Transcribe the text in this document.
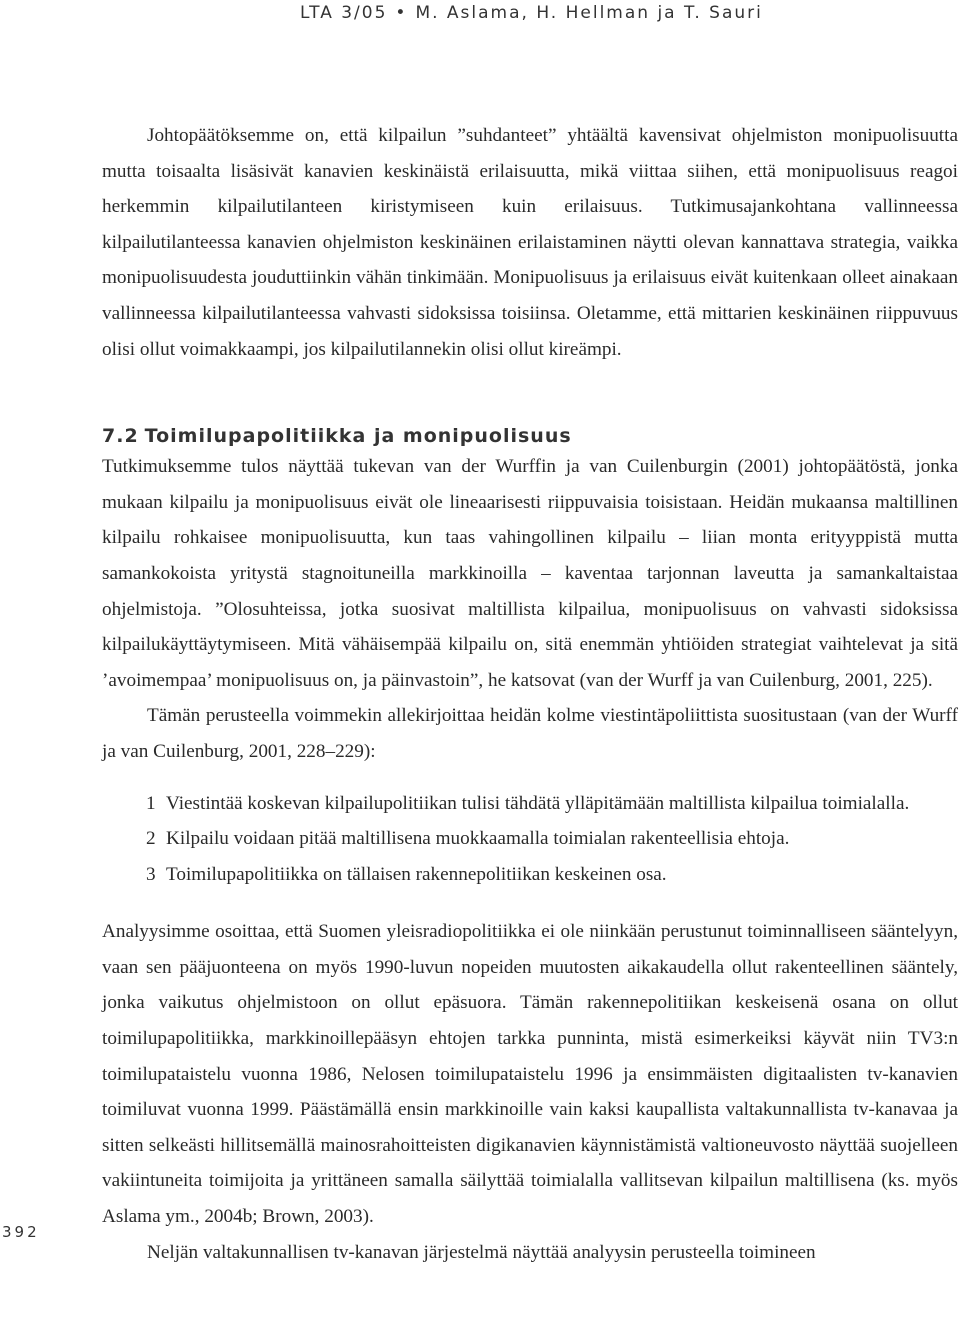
LTA 3/05 • M. Aslama, H. Hellman ja T. Sauri

Johtopäätöksemme on, että kilpailun ”suhdanteet” yhtäältä kavensivat ohjelmiston monipuolisuutta mutta toisaalta lisäsivät kanavien keskinäistä erilaisuutta, mikä viittaa siihen, että monipuolisuus reagoi herkemmin kilpailutilanteen kiristymiseen kuin erilaisuus. Tutkimusajankohtana vallinneessa kilpailutilanteessa kanavien ohjelmiston keskinäinen erilaistaminen näytti olevan kannattava strategia, vaikka monipuolisuudesta jouduttiinkin vähän tinkimään. Monipuolisuus ja erilaisuus eivät kuitenkaan olleet ainakaan vallinneessa kilpailutilanteessa vahvasti sidoksissa toisiinsa. Oletamme, että mittarien keskinäinen riippuvuus olisi ollut voimakkaampi, jos kilpailutilannekin olisi ollut kireämpi.

7.2 Toimilupapolitiikka ja monipuolisuus

Tutkimuksemme tulos näyttää tukevan van der Wurffin ja van Cuilenburgin (2001) johtopäätöstä, jonka mukaan kilpailu ja monipuolisuus eivät ole lineaarisesti riippuvaisia toisistaan. Heidän mukaansa maltillinen kilpailu rohkaisee monipuolisuutta, kun taas vahingollinen kilpailu – liian monta erityyppistä mutta samankokoista yritystä stagnoituneilla markkinoilla – kaventaa tarjonnan laveutta ja samankaltaistaa ohjelmistoja. ”Olosuhteissa, jotka suosivat maltillista kilpailua, monipuolisuus on vahvasti sidoksissa kilpailukäyttäytymiseen. Mitä vähäisempää kilpailu on, sitä enemmän yhtiöiden strategiat vaihtelevat ja sitä ’avoimempaa’ monipuolisuus on, ja päinvastoin”, he katsovat (van der Wurff ja van Cuilenburg, 2001, 225).

Tämän perusteella voimmekin allekirjoittaa heidän kolme viestintäpoliittista suositustaan (van der Wurff ja van Cuilenburg, 2001, 228–229):

1 Viestintää koskevan kilpailupolitiikan tulisi tähdätä ylläpitämään maltillista kilpailua toimialalla.
2 Kilpailu voidaan pitää maltillisena muokkaamalla toimialan rakenteellisia ehtoja.
3 Toimilupapolitiikka on tällaisen rakennepolitiikan keskeinen osa.

Analyysimme osoittaa, että Suomen yleisradiopolitiikka ei ole niinkään perustunut toiminnalliseen sääntelyyn, vaan sen pääjuonteena on myös 1990-luvun nopeiden muutosten aikakaudella ollut rakenteellinen sääntely, jonka vaikutus ohjelmistoon on ollut epäsuora. Tämän rakennepolitiikan keskeisenä osana on ollut toimilupapolitiikka, markkinoillepääsyn ehtojen tarkka punninta, mistä esimerkeiksi käyvät niin TV3:n toimilupataistelu vuonna 1986, Nelosen toimilupataistelu 1996 ja ensimmäisten digitaalisten tv-kanavien toimiluvat vuonna 1999. Päästämällä ensin markkinoille vain kaksi kaupallista valtakunnallista tv-kanavaa ja sitten selkeästi hillitsemällä mainosrahoitteisten digikanavien käynnistämistä valtioneuvosto näyttää suojelleen vakiintuneita toimijoita ja yrittäneen samalla säilyttää toimialalla vallitsevan kilpailun maltillisena (ks. myös Aslama ym., 2004b; Brown, 2003).

Neljän valtakunnallisen tv-kanavan järjestelmä näyttää analyysin perusteella toimineen

392
